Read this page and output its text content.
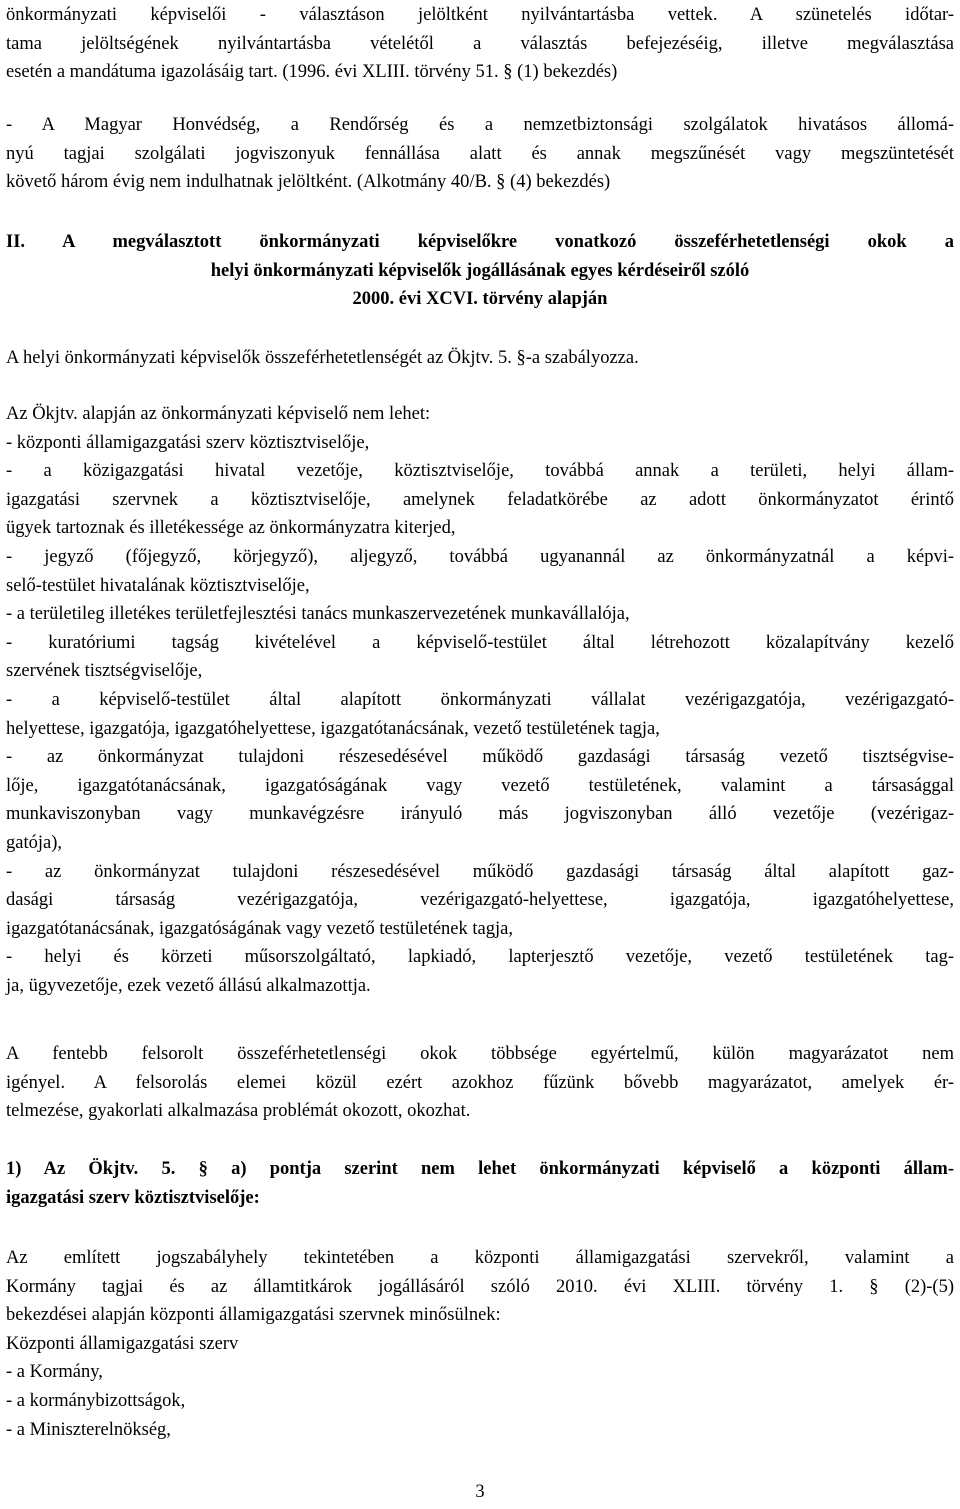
önkormányzati képviselői - választáson jelöltként nyilvántartásba vettek. A szünetelés időtar-

tama jelöltségének nyilvántartásba vételétől a választás befejezéséig, illetve megválasztása

esetén a mandátuma igazolásáig tart. (1996. évi XLIII. törvény 51. § (1) bekezdés)

- A Magyar Honvédség, a Rendőrség és a nemzetbiztonsági szolgálatok hivatásos állomá-

nyú tagjai szolgálati jogviszonyuk fennállása alatt és annak megszűnését vagy megszüntetését

követő három évig nem indulhatnak jelöltként. (Alkotmány 40/B. § (4) bekezdés)

II. A megválasztott önkormányzati képviselőkre vonatkozó összeférhetetlenségi okok a

helyi önkormányzati képviselők jogállásának egyes kérdéseiről szóló

2000. évi XCVI. törvény alapján

A helyi önkormányzati képviselők összeférhetetlenségét az Ökjtv. 5. §-a szabályozza.

Az Ökjtv. alapján az önkormányzati képviselő nem lehet:

- központi államigazgatási szerv köztisztviselője,

- a közigazgatási hivatal vezetője, köztisztviselője, továbbá annak a területi, helyi állam-

igazgatási szervnek a köztisztviselője, amelynek feladatkörébe az adott önkormányzatot érintő

ügyek tartoznak és illetékessége az önkormányzatra kiterjed,

- jegyző (főjegyző, körjegyző), aljegyző, továbbá ugyanannál az önkormányzatnál a képvi-

selő-testület hivatalának köztisztviselője,

- a területileg illetékes területfejlesztési tanács munkaszervezetének munkavállalója,

- kuratóriumi tagság kivételével a képviselő-testület által létrehozott közalapítvány kezelő

szervének tisztségviselője,

- a képviselő-testület által alapított önkormányzati vállalat vezérigazgatója, vezérigazgató-

helyettese, igazgatója, igazgatóhelyettese, igazgatótanácsának, vezető testületének tagja,

- az önkormányzat tulajdoni részesedésével működő gazdasági társaság vezető tisztségvise-

lője, igazgatótanácsának, igazgatóságának vagy vezető testületének, valamint a társasággal

munkaviszonyban vagy munkavégzésre irányuló más jogviszonyban álló vezetője (vezérigaz-

gatója),

- az önkormányzat tulajdoni részesedésével működő gazdasági társaság által alapított gaz-

dasági társaság vezérigazgatója, vezérigazgató-helyettese, igazgatója, igazgatóhelyettese,

igazgatótanácsának, igazgatóságának vagy vezető testületének tagja,

- helyi és körzeti műsorszolgáltató, lapkiadó, lapterjesztő vezetője, vezető testületének tag-

ja, ügyvezetője, ezek vezető állású alkalmazottja.

A fentebb felsorolt összeférhetetlenségi okok többsége egyértelmű, külön magyarázatot nem

igényel. A felsorolás elemei közül ezért azokhoz fűzünk bővebb magyarázatot, amelyek ér-

telmezése, gyakorlati alkalmazása problémát okozott, okozhat.

1) Az Ökjtv. 5. § a) pontja szerint nem lehet önkormányzati képviselő a központi állam-

igazgatási szerv köztisztviselője:

Az említett jogszabályhely tekintetében a központi államigazgatási szervekről, valamint a

Kormány tagjai és az államtitkárok jogállásáról szóló 2010. évi XLIII. törvény 1. § (2)-(5)

bekezdései alapján központi államigazgatási szervnek minősülnek:

Központi államigazgatási szerv

- a Kormány,

- a kormánybizottságok,

- a Miniszterelnökség,

3
